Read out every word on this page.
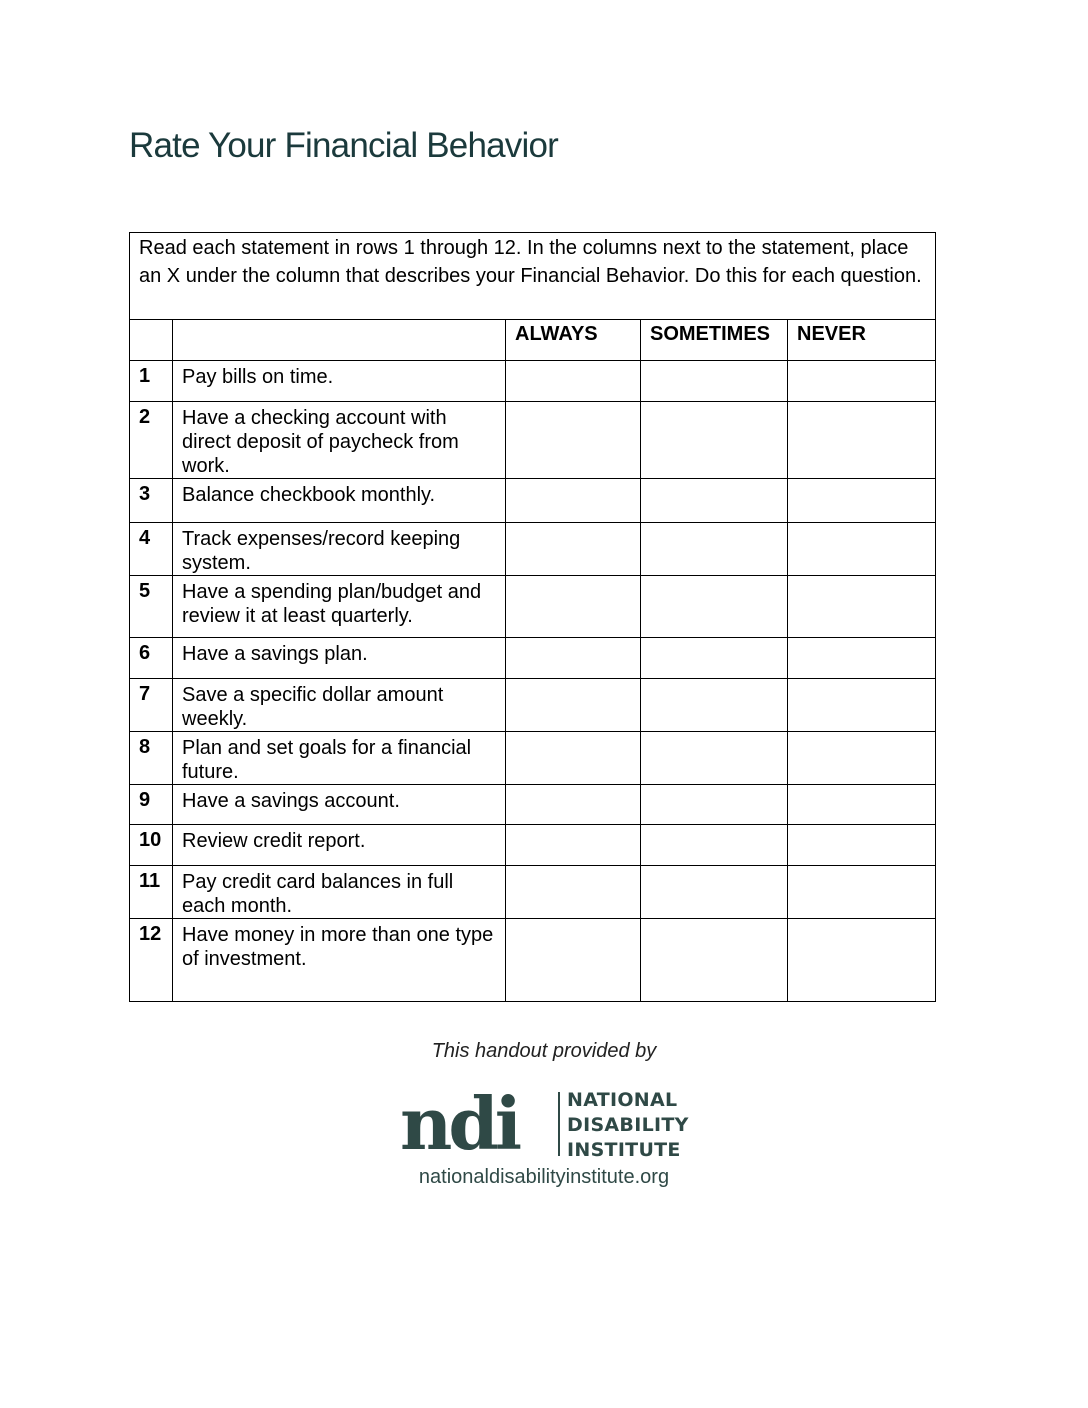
Rate Your Financial Behavior
Read each statement in rows 1 through 12. In the columns next to the statement, place an X under the column that describes your Financial Behavior. Do this for each question.				
		ALWAYS	SOMETIMES	NEVER
1	Pay bills on time.			
2	Have a checking account with direct deposit of paycheck from work.			
3	Balance checkbook monthly.			
4	Track expenses/record keeping system.			
5	Have a spending plan/budget and review it at least quarterly.			
6	Have a savings plan.			
7	Save a specific dollar amount weekly.			
8	Plan and set goals for a financial future.			
9	Have a savings account.			
10	Review credit report.			
11	Pay credit card balances in full each month.			
12	Have money in more than one type of investment.			
This handout provided by
ndi	NATIONAL
DISABILITY
INSTITUTE
nationaldisabilityinstitute.org
